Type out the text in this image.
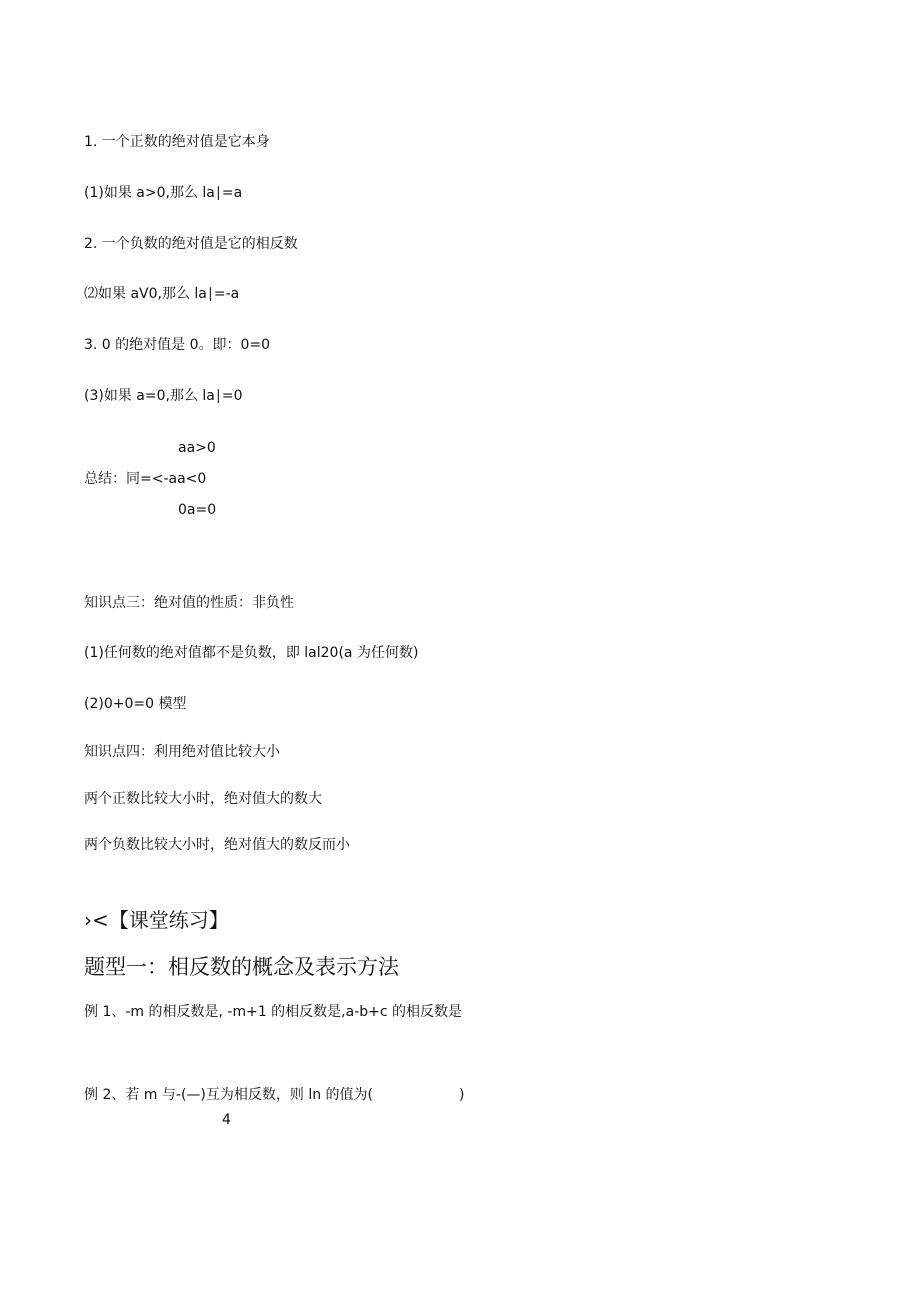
1. 一个正数的绝对值是它本身
(1)如果 a>0,那么 la∣=a
2. 一个负数的绝对值是它的相反数
⑵如果 aV0,那么 la∣=-a
3. 0 的绝对值是 0。即：0=0
(3)如果 a=0,那么 la∣=0
aa>0
总结：同=<-aa<0
0a=0
知识点三：绝对值的性质：非负性
(1)任何数的绝对值都不是负数，即 lal20(a 为任何数)
(2)0+0=0 模型
知识点四：利用绝对值比较大小
两个正数比较大小时，绝对值大的数大
两个负数比较大小时，绝对值大的数反而小
›<【课堂练习】
题型一：相反数的概念及表示方法
例 1、-m 的相反数是, -m+1 的相反数是,a-b+c 的相反数是
例 2、若 m 与-(—)互为相反数，则 ln 的值为(	)
4
